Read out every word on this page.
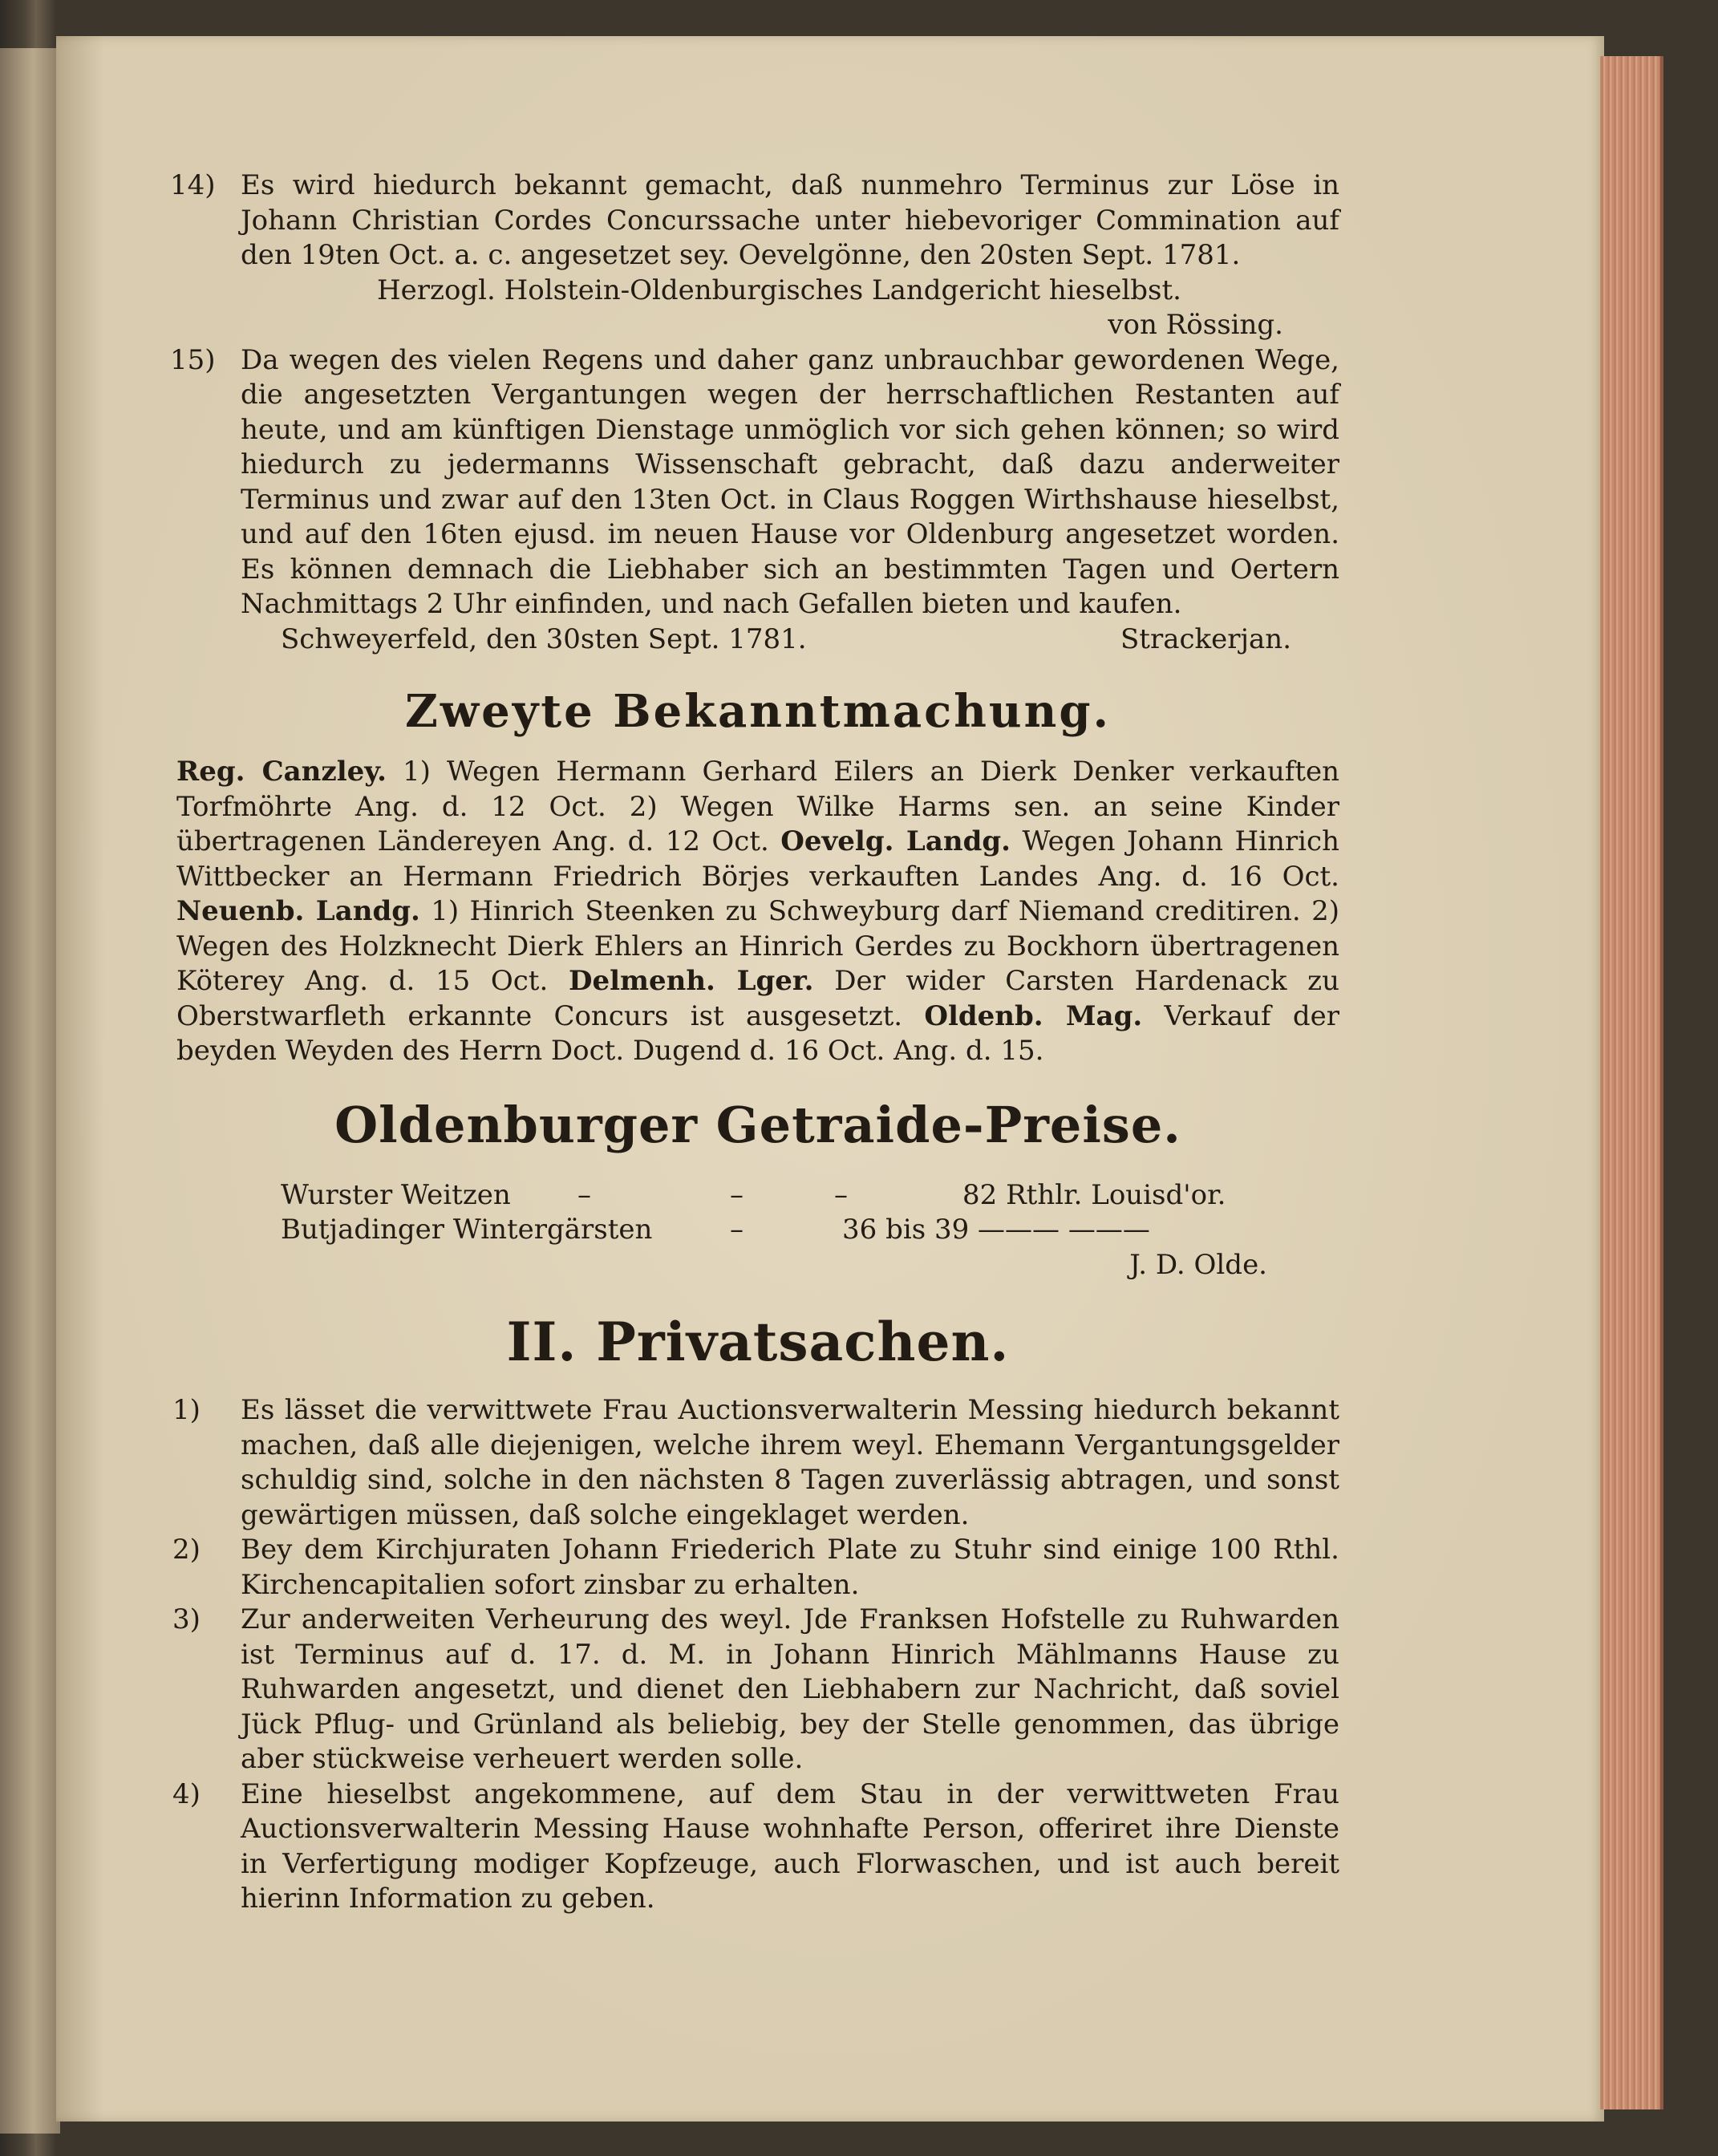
14) Es wird hiedurch bekannt gemacht, daß nunmehro Terminus zur Löse in Johann Christian Cordes Concurssache unter hiebevoriger Commination auf den 19ten Oct. a. c. angesetzet sey. Oevelgönne, den 20sten Sept. 1781.
Herzogl. Holstein-Oldenburgisches Landgericht hieselbst.
von Rössing.
15) Da wegen des vielen Regens und daher ganz unbrauchbar gewordenen Wege, die angesetzten Vergantungen wegen der herrschaftlichen Restanten auf heute, und am künftigen Dienstage unmöglich vor sich gehen können; so wird hiedurch zu jedermanns Wissenschaft gebracht, daß dazu anderweiter Terminus und zwar auf den 13ten Oct. in Claus Roggen Wirthshause hieselbst, und auf den 16ten ejusd. im neuen Hause vor Oldenburg angesetzet worden. Es können demnach die Liebhaber sich an bestimmten Tagen und Oertern Nachmittags 2 Uhr einfinden, und nach Gefallen bieten und kaufen.
Schweyerfeld, den 30sten Sept. 1781.	Strackerjan.
Zweyte Bekanntmachung.

Reg. Canzley. 1) Wegen Hermann Gerhard Eilers an Dierk Denker verkauften Torfmöhrte Ang. d. 12 Oct. 2) Wegen Wilke Harms sen. an seine Kinder übertragenen Ländereyen Ang. d. 12 Oct. Oevelg. Landg. Wegen Johann Hinrich Wittbecker an Hermann Friedrich Börjes verkauften Landes Ang. d. 16 Oct. Neuenb. Landg. 1) Hinrich Steenken zu Schweyburg darf Niemand creditiren. 2) Wegen des Holzknecht Dierk Ehlers an Hinrich Gerdes zu Bockhorn übertragenen Köterey Ang. d. 15 Oct. Delmenh. Lger. Der wider Carsten Hardenack zu Oberstwarfleth erkannte Concurs ist ausgesetzt. Oldenb. Mag. Verkauf der beyden Weyden des Herrn Doct. Dugend d. 16 Oct. Ang. d. 15.

Oldenburger Getraide-Preise.
Wurster Weitzen –	–	–	82 Rthlr. Louisd'or.
Butjadinger Wintergärsten	–	36 bis 39 ——— ———
J. D. Olde.
II. Privatsachen.
1) Es lässet die verwittwete Frau Auctionsverwalterin Messing hiedurch bekannt machen, daß alle diejenigen, welche ihrem weyl. Ehemann Vergantungsgelder schuldig sind, solche in den nächsten 8 Tagen zuverlässig abtragen, und sonst gewärtigen müssen, daß solche eingeklaget werden.
2) Bey dem Kirchjuraten Johann Friederich Plate zu Stuhr sind einige 100 Rthl. Kirchencapitalien sofort zinsbar zu erhalten.
3) Zur anderweiten Verheurung des weyl. Jde Franksen Hofstelle zu Ruhwarden ist Terminus auf d. 17. d. M. in Johann Hinrich Mählmanns Hause zu Ruhwarden angesetzt, und dienet den Liebhabern zur Nachricht, daß soviel Jück Pflug- und Grünland als beliebig, bey der Stelle genommen, das übrige aber stückweise verheuert werden solle.
4) Eine hieselbst angekommene, auf dem Stau in der verwittweten Frau Auctionsverwalterin Messing Hause wohnhafte Person, offeriret ihre Dienste in Verfertigung modiger Kopfzeuge, auch Florwaschen, und ist auch bereit hierinn Information zu geben.
